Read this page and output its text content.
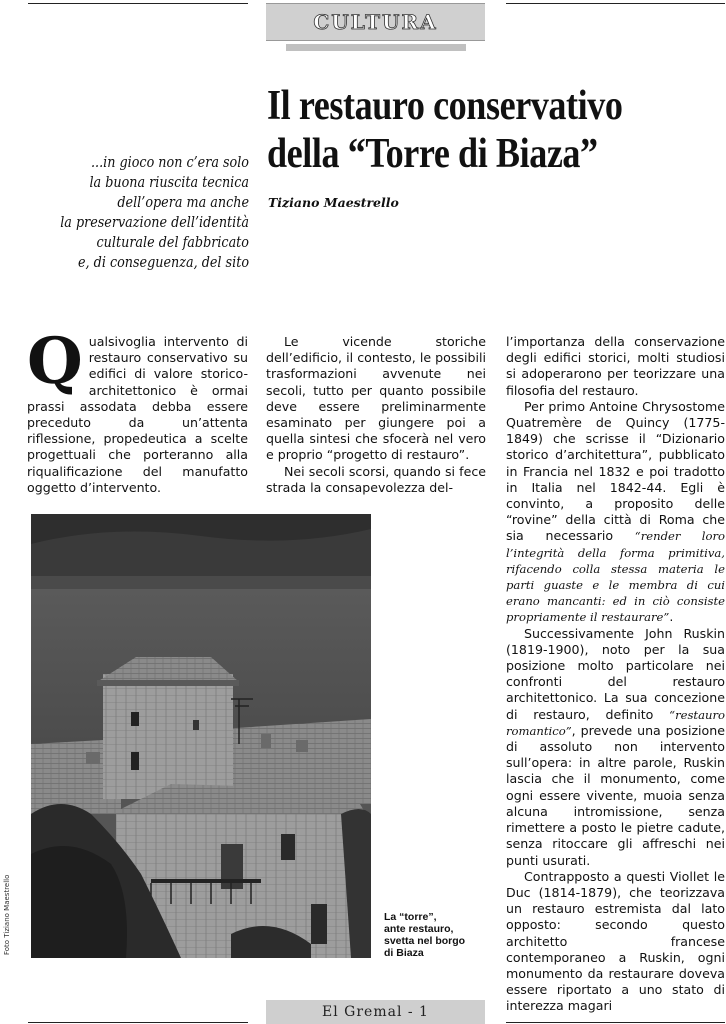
CULTURA
Il restauro conservativo
della “Torre di Biaza”
Tiziano Maestrello

...in gioco non c’era solo

la buona riuscita tecnica

dell’opera ma anche

la preservazione dell’identità

culturale del fabbricato

e, di conseguenza, del sito

Q ualsivoglia intervento di restauro conservativo su edifici di valore storico-architettonico è ormai prassi assodata debba essere preceduto da un’attenta riflessione, propedeutica a scelte progettuali che porteranno alla riqualificazione del manufatto oggetto d’intervento.

Le vicende storiche dell’edificio, il contesto, le possibili trasformazioni avvenute nei secoli, tutto per quanto possibile deve essere preliminarmente esaminato per giungere poi a quella sintesi che sfocerà nel vero e proprio “progetto di restauro”.

Nei secoli scorsi, quando si fece strada la consapevolezza del-

l’importanza della conservazione degli edifici storici, molti studiosi si adoperarono per teorizzare una filosofia del restauro.

Per primo Antoine Chrysostome Quatremère de Quincy (1775-1849) che scrisse il “Dizionario storico d’architettura”, pubblicato in Francia nel 1832 e poi tradotto in Italia nel 1842-44. Egli è convinto, a proposito delle “rovine” della città di Roma che sia necessario “render loro l’integrità della forma primitiva, rifacendo colla stessa materia le parti guaste e le membra di cui erano mancanti: ed in ciò consiste propriamente il restaurare”.

Successivamente John Ruskin (1819-1900), noto per la sua posizione molto particolare nei confronti del restauro architettonico. La sua concezione di restauro, definito “restauro romantico”, prevede una posizione di assoluto non intervento sull’opera: in altre parole, Ruskin lascia che il monumento, come ogni essere vivente, muoia senza alcuna intromissione, senza rimettere a posto le pietre cadute, senza ritoccare gli affreschi nei punti usurati.

Contrapposto a questi Viollet le Duc (1814-1879), che teorizzava un restauro estremista dal lato opposto: secondo questo architetto francese contemporaneo a Ruskin, ogni monumento da restaurare doveva essere riportato a uno stato di interezza magari

Foto Tiziano Maestrello	La “torre”,

ante restauro,

svetta nel borgo

di Biaza

El Gremal - 1
